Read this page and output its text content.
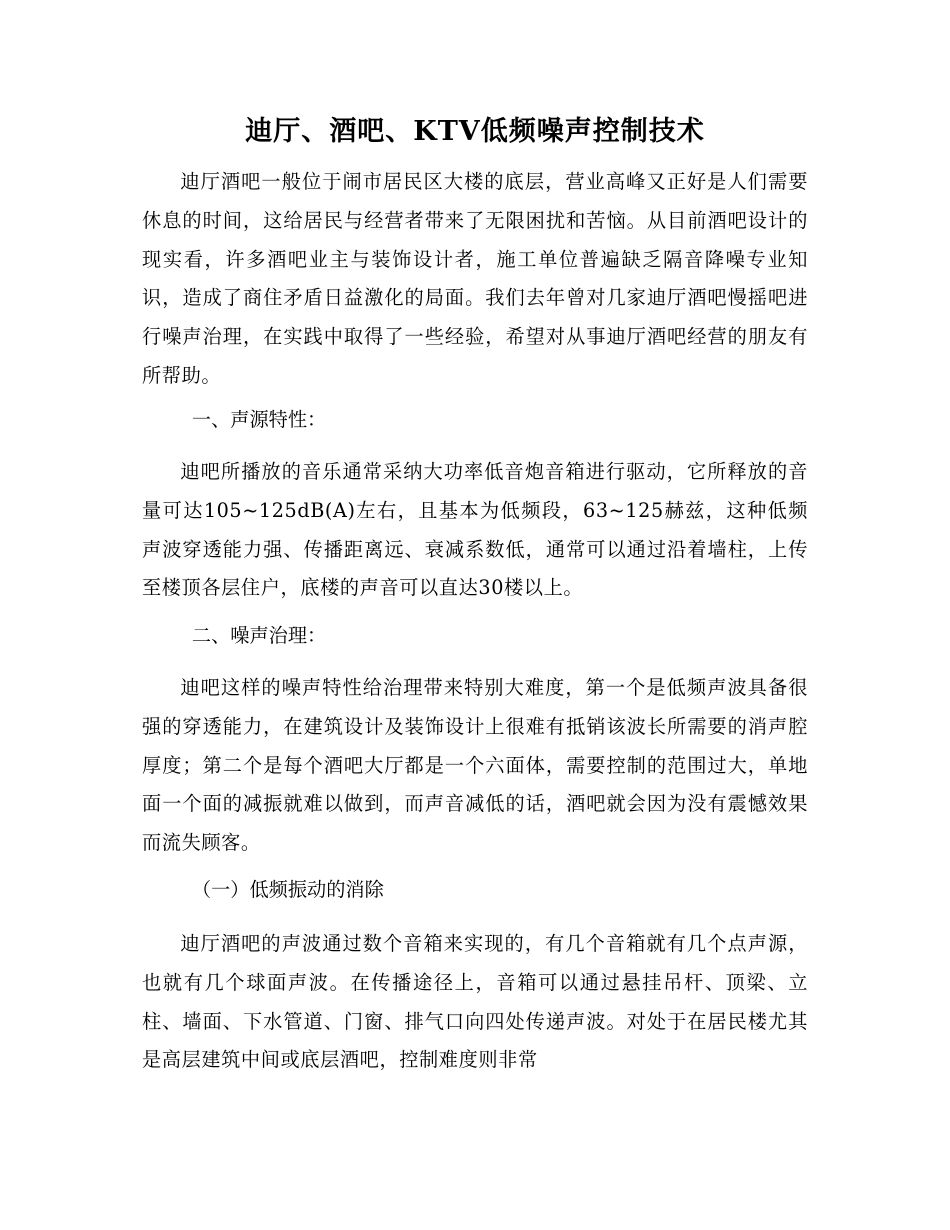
迪厅、酒吧、KTV低频噪声控制技术

迪厅酒吧一般位于闹市居民区大楼的底层，营业高峰又正好是人们需要休息的时间，这给居民与经营者带来了无限困扰和苦恼。从目前酒吧设计的现实看，许多酒吧业主与装饰设计者，施工单位普遍缺乏隔音降噪专业知识，造成了商住矛盾日益激化的局面。我们去年曾对几家迪厅酒吧慢摇吧进行噪声治理，在实践中取得了一些经验，希望对从事迪厅酒吧经营的朋友有所帮助。

一、声源特性：

迪吧所播放的音乐通常采纳大功率低音炮音箱进行驱动，它所释放的音量可达105~125dB(A)左右，且基本为低频段，63~125赫兹，这种低频声波穿透能力强、传播距离远、衰减系数低，通常可以通过沿着墙柱，上传至楼顶各层住户，底楼的声音可以直达30楼以上。

二、噪声治理：

迪吧这样的噪声特性给治理带来特别大难度，第一个是低频声波具备很强的穿透能力，在建筑设计及装饰设计上很难有抵销该波长所需要的消声腔厚度；第二个是每个酒吧大厅都是一个六面体，需要控制的范围过大，单地面一个面的减振就难以做到，而声音减低的话，酒吧就会因为没有震憾效果而流失顾客。

（一）低频振动的消除

迪厅酒吧的声波通过数个音箱来实现的，有几个音箱就有几个点声源，也就有几个球面声波。在传播途径上，音箱可以通过悬挂吊杆、顶梁、立柱、墙面、下水管道、门窗、排气口向四处传递声波。对处于在居民楼尤其是高层建筑中间或底层酒吧，控制难度则非常
